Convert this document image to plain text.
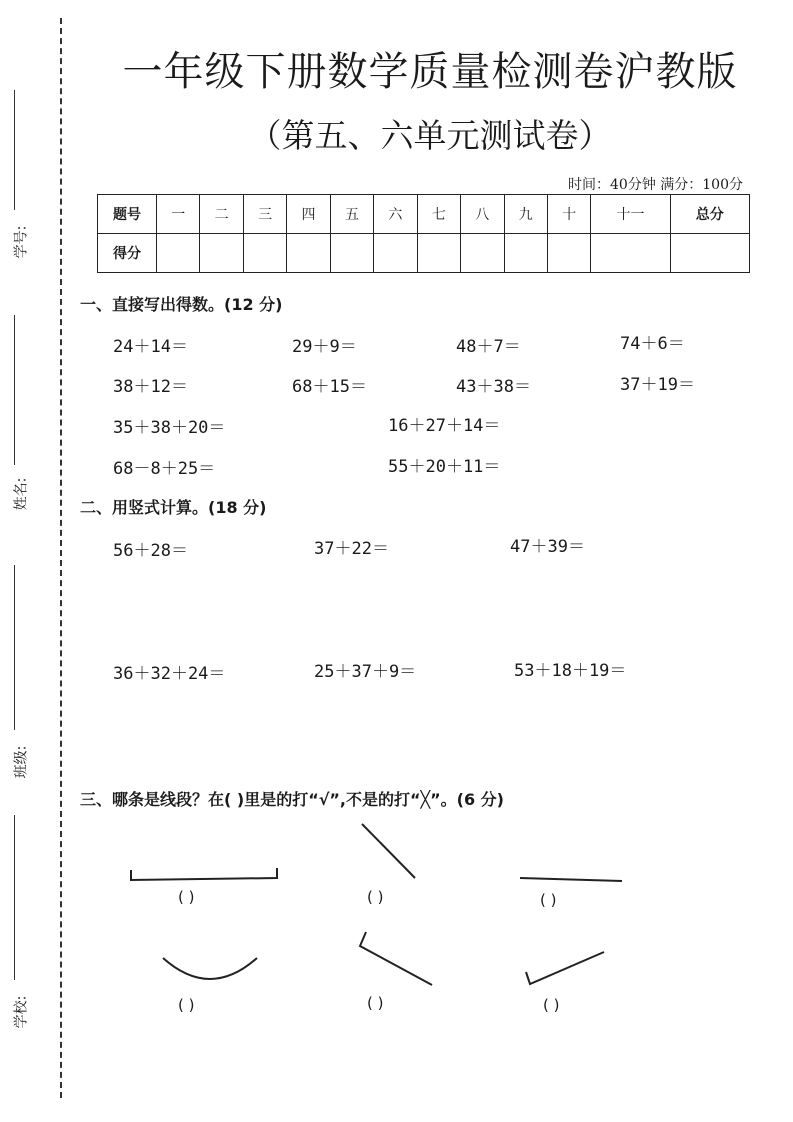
学号:
姓名:
班级:
学校:
一年级下册数学质量检测卷沪教版
（第五、六单元测试卷）
时间：40分钟 满分：100分
题号	一	二	三	四	五	六	七	八	九	十	十一	总分
得分												
一、直接写出得数。(12 分)
24＋14＝	29＋9＝	48＋7＝	74＋6＝
38＋12＝	68＋15＝	43＋38＝	37＋19＝
35＋38＋20＝	16＋27＋14＝
68－8＋25＝	55＋20＋11＝
二、用竖式计算。(18 分)
56＋28＝	37＋22＝	47＋39＝
36＋32＋24＝	25＋37＋9＝	53＋18＋19＝
三、哪条是线段？在( )里是的打“√”,不是的打“╳”。(6 分)
( )	( )	( )
( )	( )	( )
